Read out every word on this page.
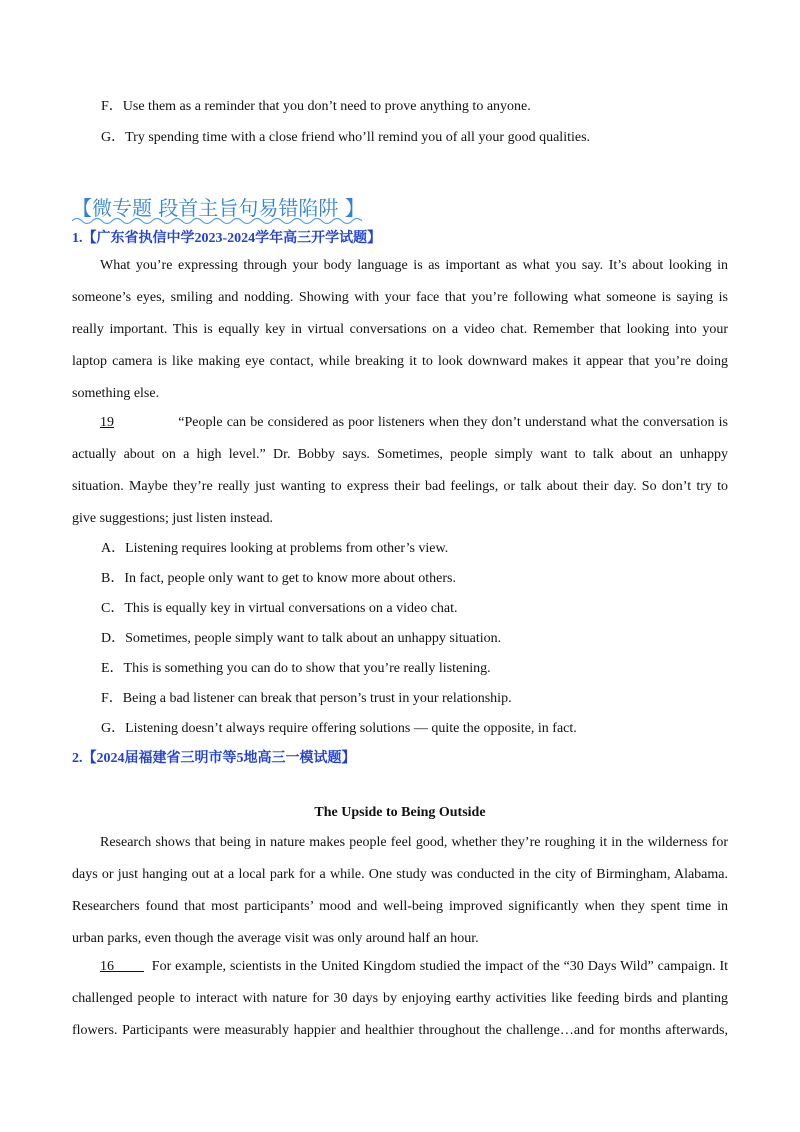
F．Use them as a reminder that you don’t need to prove anything to anyone.
G．Try spending time with a close friend who’ll remind you of all your good qualities.
【微专题 段首主旨句易错陷阱 】
1.【广东省执信中学2023-2024学年高三开学试题】
What you’re expressing through your body language is as important as what you say. It’s about looking in
someone’s eyes, smiling and nodding. Showing with your face that you’re following what someone is saying is
really important. This is equally key in virtual conversations on a video chat. Remember that looking into your
laptop camera is like making eye contact, while breaking it to look downward makes it appear that you’re doing
something else.
19	“People can be considered as poor listeners when they don’t understand what the conversation is
actually about on a high level.” Dr. Bobby says. Sometimes, people simply want to talk about an unhappy
situation. Maybe they’re really just wanting to express their bad feelings, or talk about their day. So don’t try to
give suggestions; just listen instead.
A．Listening requires looking at problems from other’s view.
B．In fact, people only want to get to know more about others.
C．This is equally key in virtual conversations on a video chat.
D．Sometimes, people simply want to talk about an unhappy situation.
E．This is something you can do to show that you’re really listening.
F．Being a bad listener can break that person’s trust in your relationship.
G．Listening doesn’t always require offering solutions — quite the opposite, in fact.
2.【2024届福建省三明市等5地高三一模试题】
The Upside to Being Outside
Research shows that being in nature makes people feel good, whether they’re roughing it in the wilderness for
days or just hanging out at a local park for a while. One study was conducted in the city of Birmingham, Alabama.
Researchers found that most participants’ mood and well-being improved significantly when they spent time in
urban parks, even though the average visit was only around half an hour.
16	For example, scientists in the United Kingdom studied the impact of the “30 Days Wild” campaign. It
challenged people to interact with nature for 30 days by enjoying earthy activities like feeding birds and planting
flowers. Participants were measurably happier and healthier throughout the challenge…and for months afterwards,
